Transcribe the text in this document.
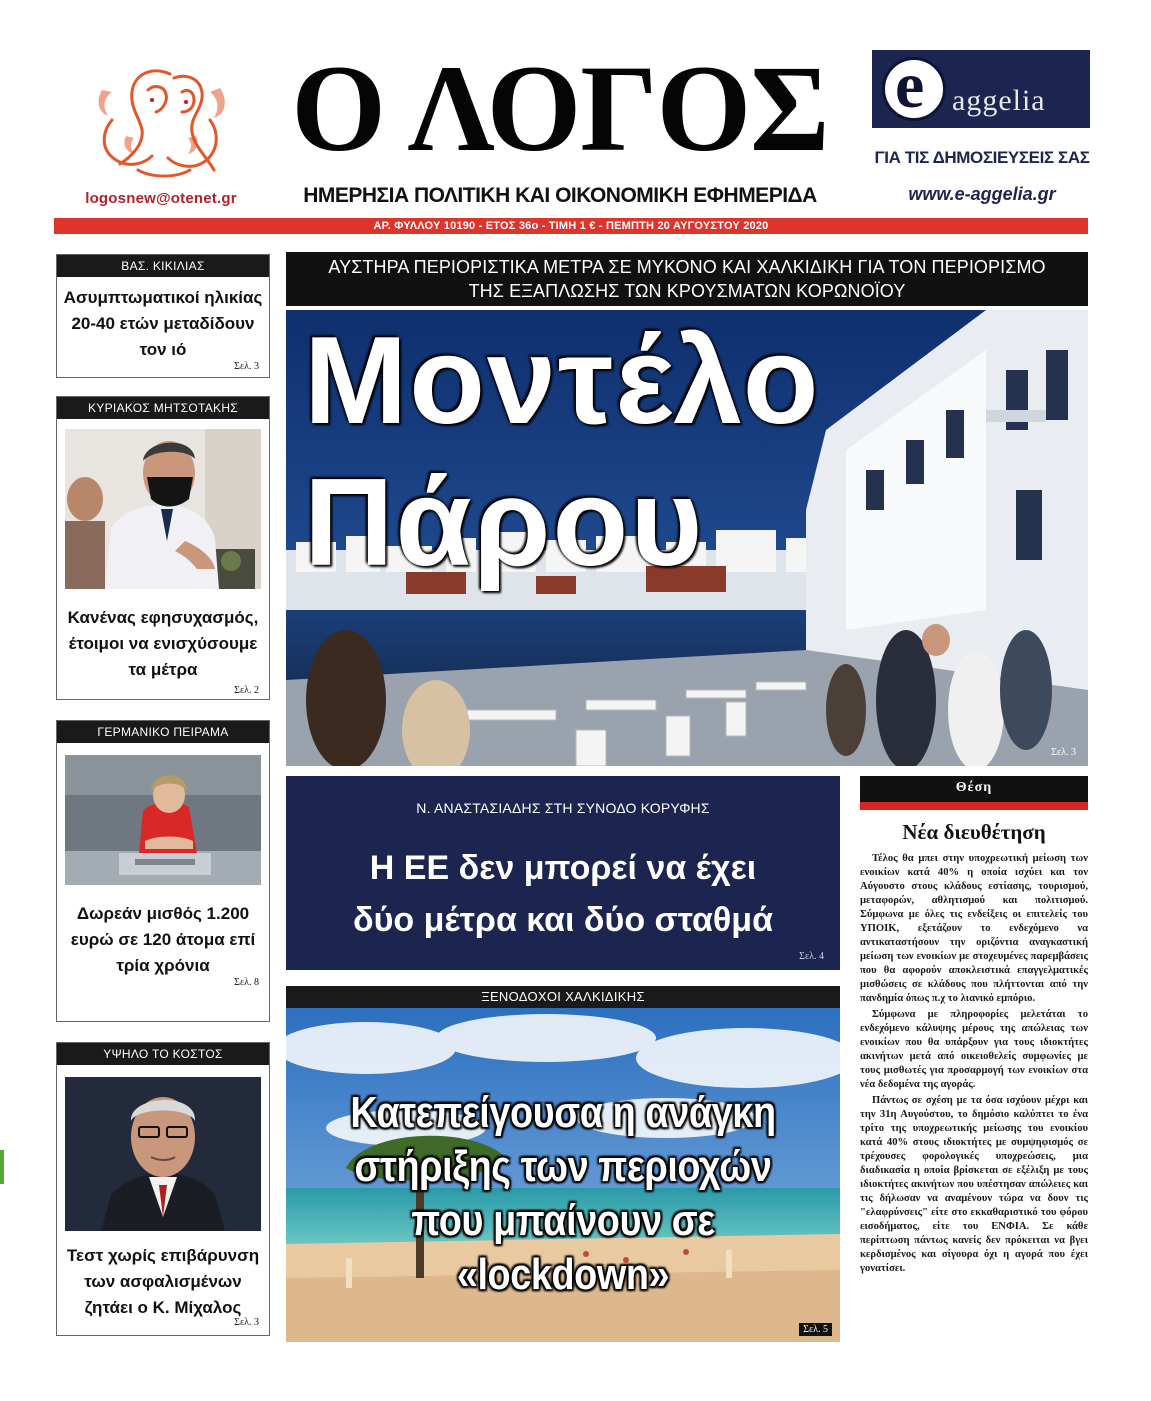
logosnew@otenet.gr
Ο ΛΟΓΟΣ
ΗΜΕΡΗΣΙΑ ΠΟΛΙΤΙΚΗ ΚΑΙ ΟΙΚΟΝΟΜΙΚΗ ΕΦΗΜΕΡΙΔΑ
e aggelia
ΓΙΑ ΤΙΣ ΔΗΜΟΣΙΕΥΣΕΙΣ ΣΑΣ
www.e-aggelia.gr
ΑΡ. ΦΥΛΛΟΥ 10190 - ΕΤΟΣ 36ο - ΤΙΜΗ 1 € - ΠΕΜΠΤΗ 20 ΑΥΓΟΥΣΤΟΥ 2020
ΒΑΣ. ΚΙΚΙΛΙΑΣ
Ασυμπτωματικοί ηλικίας 20-40 ετών μεταδίδουν τον ιό
Σελ. 3
ΚΥΡΙΑΚΟΣ ΜΗΤΣΟΤΑΚΗΣ
Κανένας εφησυχασμός, έτοιμοι να ενισχύσουμε τα μέτρα
Σελ. 2
ΓΕΡΜΑΝΙΚΟ ΠΕΙΡΑΜΑ
Δωρεάν μισθός 1.200 ευρώ σε 120 άτομα επί τρία χρόνια
Σελ. 8
ΥΨΗΛΟ ΤΟ ΚΟΣΤΟΣ
Τεστ χωρίς επιβάρυνση των ασφαλισμένων ζητάει ο Κ. Μίχαλος
Σελ. 3
ΑΥΣΤΗΡΑ ΠΕΡΙΟΡΙΣΤΙΚΑ ΜΕΤΡΑ ΣΕ ΜΥΚΟΝΟ ΚΑΙ ΧΑΛΚΙΔΙΚΗ ΓΙΑ ΤΟΝ ΠΕΡΙΟΡΙΣΜΟ
ΤΗΣ ΕΞΑΠΛΩΣΗΣ ΤΩΝ ΚΡΟΥΣΜΑΤΩΝ ΚΟΡΩΝΟΪΟΥ
Μοντέλο
Πάρου
Σελ. 3
Ν. ΑΝΑΣΤΑΣΙΑΔΗΣ ΣΤΗ ΣΥΝΟΔΟ ΚΟΡΥΦΗΣ
Η ΕΕ δεν μπορεί να έχει
δύο μέτρα και δύο σταθμά
Σελ. 4
ΞΕΝΟΔΟΧΟΙ ΧΑΛΚΙΔΙΚΗΣ
Κατεπείγουσα η ανάγκη
στήριξης των περιοχών
που μπαίνουν σε «lockdown»
Σελ. 5
Θέση
Νέα διευθέτηση

Τέλος θα μπει στην υποχρεωτική μείωση των ενοικίων κατά 40% η οποία ισχύει και τον Αύγουστο στους κλάδους εστίασης, τουρισμού, μεταφορών, αθλητισμού και πολιτισμού. Σύμφωνα με όλες τις ενδείξεις οι επιτελείς του ΥΠΟΙΚ, εξετάζουν το ενδεχόμενο να αντικαταστήσουν την οριζόντια αναγκαστική μείωση των ενοικίων με στοχευμένες παρεμβάσεις που θα αφορούν αποκλειστικά επαγγελματικές μισθώσεις σε κλάδους που πλήττονται από την πανδημία όπως π.χ το λιανικό εμπόριο.

Σύμφωνα με πληροφορίες μελετάται το ενδεχόμενο κάλυψης μέρους της απώλειας των ενοικίων που θα υπάρξουν για τους ιδιοκτήτες ακινήτων μετά από οικειοθελείς συμφωνίες με τους μισθωτές για προσαρμογή των ενοικίων στα νέα δεδομένα της αγοράς.

Πάντως σε σχέση με τα όσα ισχύουν μέχρι και την 31η Αυγούστου, το δημόσιο καλύπτει το ένα τρίτο της υποχρεωτικής μείωσης του ενοικίου κατά 40% στους ιδιοκτήτες με συμψηφισμός σε τρέχουσες φορολογικές υποχρεώσεις, μια διαδικασία η οποία βρίσκεται σε εξέλιξη με τους ιδιοκτήτες ακινήτων που υπέστησαν απώλειες και τις δήλωσαν να αναμένουν τώρα να δουν τις "ελαφρύνσεις" είτε στο εκκαθαριστικό του φόρου εισοδήματος, είτε του ΕΝΦΙΑ. Σε κάθε περίπτωση πάντως κανείς δεν πρόκειται να βγει κερδισμένος και σίγουρα όχι η αγορά που έχει γονατίσει.
